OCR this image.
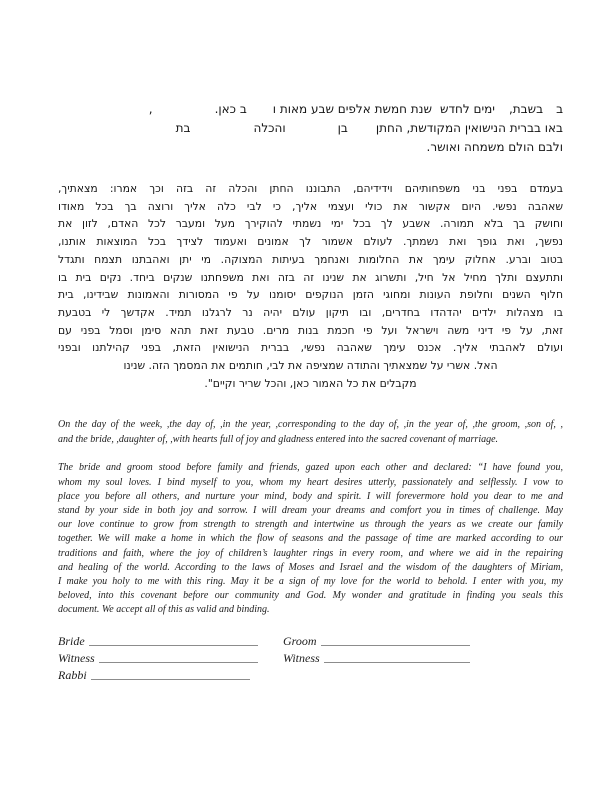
בבשבת,ימים לחדששנת חמשת אלפים שבע מאות וב כאן.,
באו בברית הנישואין המקודשת, החתןבןוהכלהבת
ולבם הולם משמחה ואושר.
בעמדם בפני בני משפחותיהם וידידיהם, התבוננו החתן והכלה זה בזה וכך אמרו: מצאתיך,
שאהבה נפשי. היום אקשור את כולי ועצמי אליך, כי לבי כלה אליך ורוצה בך בכל מאודו
וחושק בך בלא תמורה. אשבע לך בכל ימי נשמתי להוקירך מעל ומעבר לכל האדם, לזון את
נפשך, ואת גופך ואת נשמתך. לעולם אשמור לך אמונים ואעמוד לצידך בכל המוצאות אותנו,
בטוב וברע. אחלוק עימך את החלומות ואנחמך בעיתות המצוקה. מי יתן ואהבתנו תצמח ותגדל
ותתעצם ותלך מחיל אל חיל, ותשרוג את שנינו זה בזה ואת משפחתנו שנקים ביחד. נקים בית בו
חלוף השנים וחלופת העונות ומחוגי הזמן הנוקפים יסומנו על פי המסורות והאמונות שבידינו, בית
בו מצהלות ילדים יהדהדו בחדרים, ובו תיקון עולם יהיה נר לרגלנו תמיד. אקדשך לי בטבעת
זאת, על פי דיני משה וישראל ועל פי חכמת בנות מרים. טבעת זאת תהא סימן וסמל בפני עם
ועולם לאהבתי אליך. אכנס עימך שאהבה נפשי, בברית הנישואין הזאת, בפני קהילתנו ובפני
האל. אשרי על שמצאתיך והתודה שמציפה את לבי, חותמים את המסמך הזה. שנינו
מקבלים את כל האמור כאן, והכל שריר וקיים".
On the day of the week, ,the day of, ,in the year, ,corresponding to the day of, ,in the year of, ,the groom, ,son of, ,
and the bride, ,daughter of, ,with hearts full of joy and gladness entered into the sacred covenant of marriage.
The bride and groom stood before family and friends, gazed upon each other and declared: “I have found you,
whom my soul loves. I bind myself to you, whom my heart desires utterly, passionately and selflessly. I vow to
place you before all others, and nurture your mind, body and spirit. I will forevermore hold you dear to me and
stand by your side in both joy and sorrow. I will dream your dreams and comfort you in times of challenge. May
our love continue to grow from strength to strength and intertwine us through the years as we create our family
together. We will make a home in which the flow of seasons and the passage of time are marked according to our
traditions and faith, where the joy of children’s laughter rings in every room, and where we aid in the repairing
and healing of the world. According to the laws of Moses and Israel and the wisdom of the daughters of Miriam,
I make you holy to me with this ring. May it be a sign of my love for the world to behold. I enter with you, my
beloved, into this covenant before our community and God. My wonder and gratitude in finding you seals this
document. We accept all of this as valid and binding.
Bride
Witness
Rabbi
Groom
Witness
